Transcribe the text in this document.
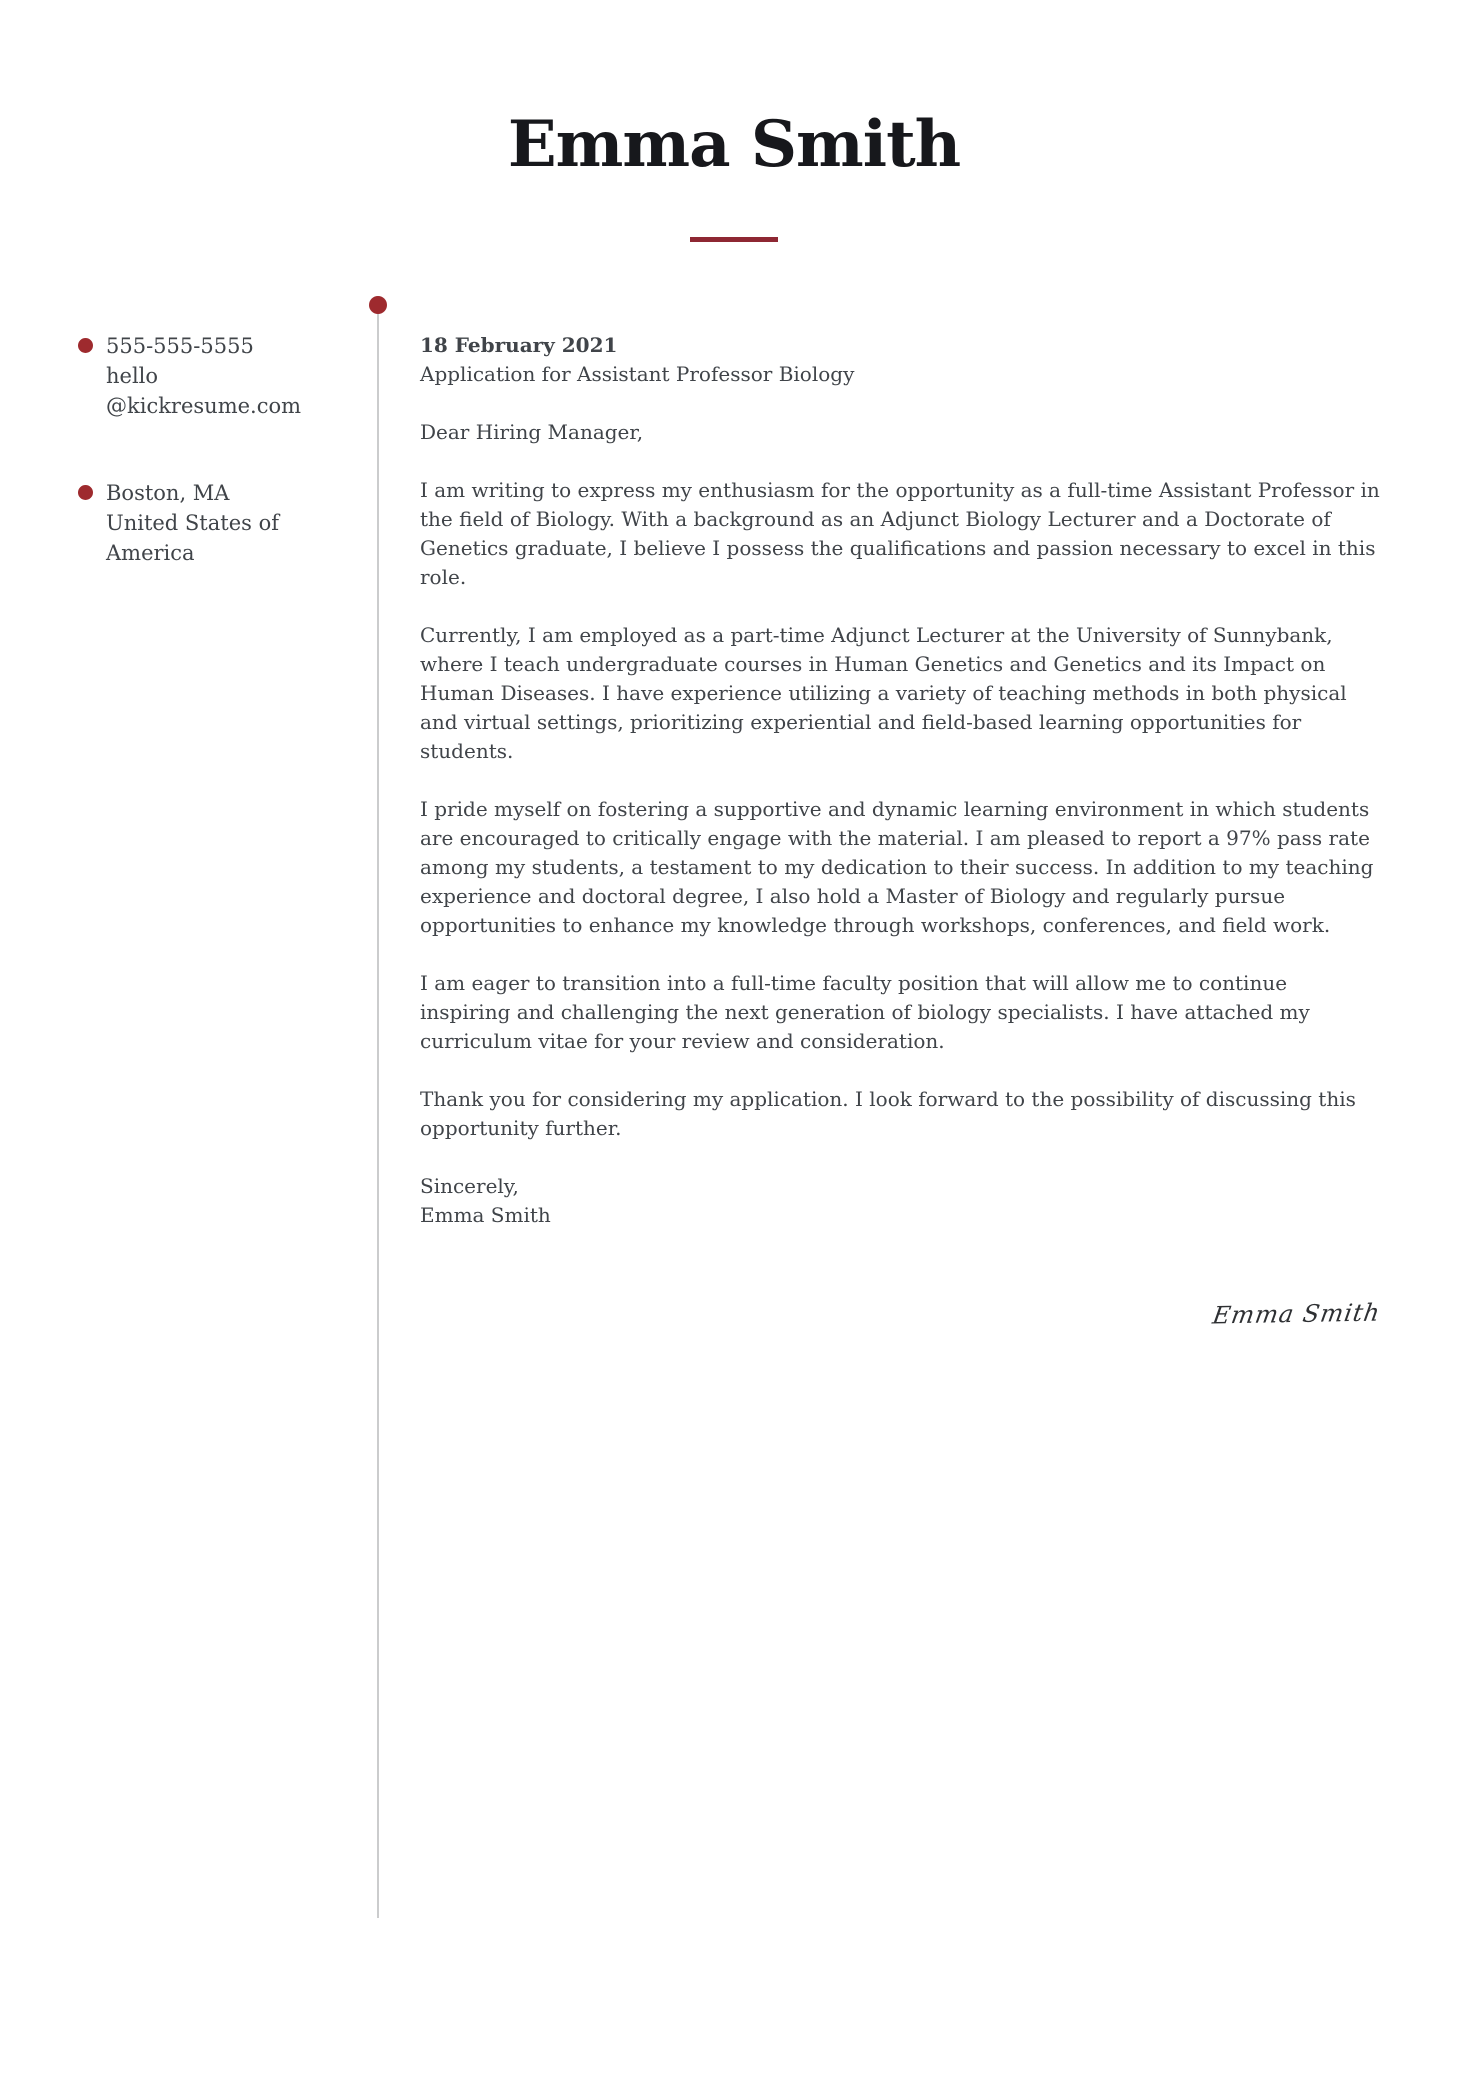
Emma Smith
555-555-5555
hello
@kickresume.com
Boston, MA
United States of
America

18 February 2021

Application for Assistant Professor Biology

Dear Hiring Manager,

I am writing to express my enthusiasm for the opportunity as a full-time Assistant Professor in the field of Biology. With a background as an Adjunct Biology Lecturer and a Doctorate of Genetics graduate, I believe I possess the qualifications and passion necessary to excel in this role.

Currently, I am employed as a part-time Adjunct Lecturer at the University of Sunnybank, where I teach undergraduate courses in Human Genetics and Genetics and its Impact on Human Diseases. I have experience utilizing a variety of teaching methods in both physical and virtual settings, prioritizing experiential and field-based learning opportunities for students.

I pride myself on fostering a supportive and dynamic learning environment in which students are encouraged to critically engage with the material. I am pleased to report a 97% pass rate among my students, a testament to my dedication to their success. In addition to my teaching experience and doctoral degree, I also hold a Master of Biology and regularly pursue opportunities to enhance my knowledge through workshops, conferences, and field work.

I am eager to transition into a full-time faculty position that will allow me to continue inspiring and challenging the next generation of biology specialists. I have attached my curriculum vitae for your review and consideration.

Thank you for considering my application. I look forward to the possibility of discussing this opportunity further.

Sincerely,

Emma Smith

Emma Smith
